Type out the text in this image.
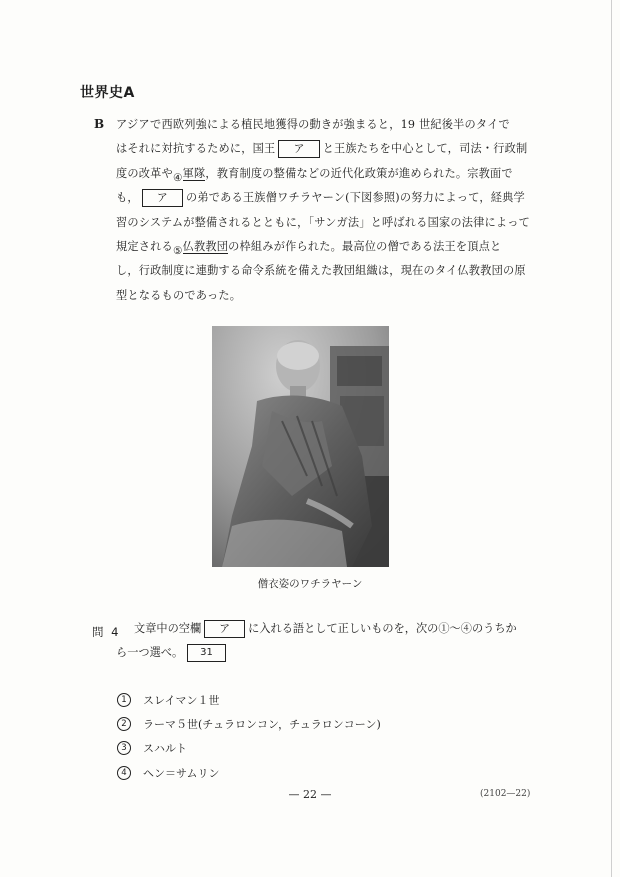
世界史A
B アジアで西欧列強による植民地獲得の動きが強まると，19 世紀後半のタイで
はそれに対抗するために，国王 ア と王族たちを中心として，司法・行政制
度の改革や④軍隊，教育制度の整備などの近代化政策が進められた。宗教面で
も， ア の弟である王族僧ワチラヤーン(下図参照)の努力によって，経典学
習のシステムが整備されるとともに，「サンガ法」と呼ばれる国家の法律によって
規定される⑤仏教教団の枠組みが作られた。最高位の僧である法王を頂点と
し，行政制度に連動する命令系統を備えた教団組織は，現在のタイ仏教教団の原
型となるものであった。
僧衣姿のワチラヤーン
問 4 文章中の空欄 ア に入れる語として正しいものを，次の①～④のうちか
ら一つ選べ。 31
1	スレイマン１世
2	ラーマ５世(チュラロンコン，チュラロンコーン)
3	スハルト
4	ヘン＝サムリン
— 22 —	(2102—22)
